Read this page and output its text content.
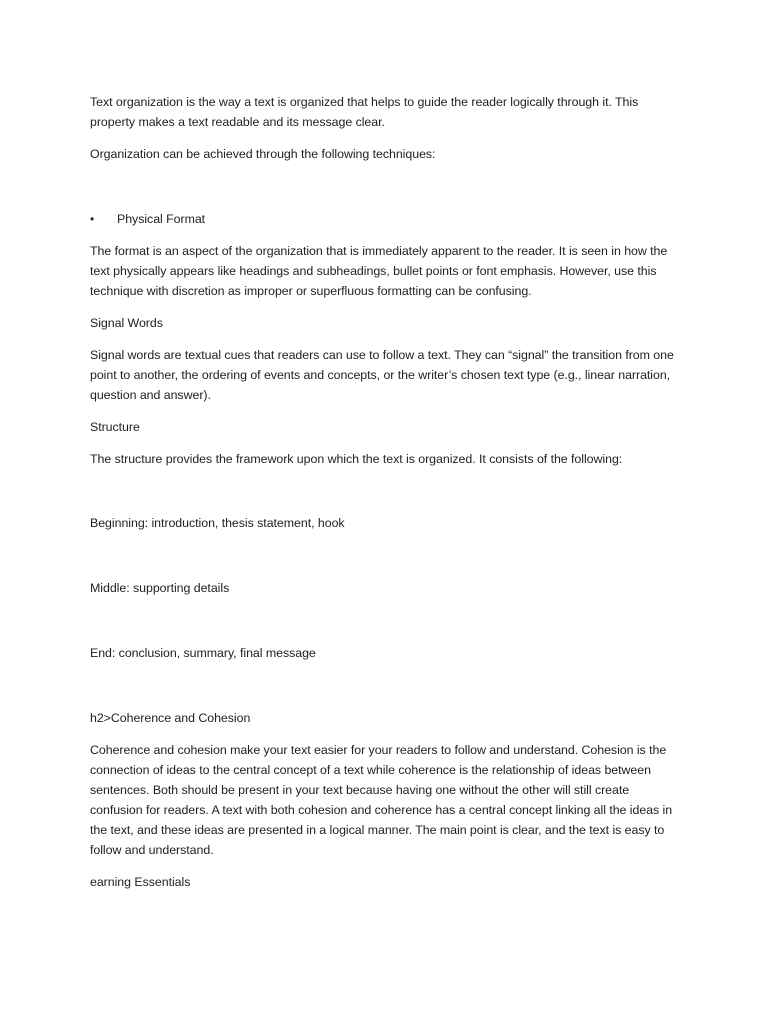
Text organization is the way a text is organized that helps to guide the reader logically through it. This property makes a text readable and its message clear.

Organization can be achieved through the following techniques:

•	Physical Format

The format is an aspect of the organization that is immediately apparent to the reader. It is seen in how the text physically appears like headings and subheadings, bullet points or font emphasis. However, use this technique with discretion as improper or superfluous formatting can be confusing.

Signal Words

Signal words are textual cues that readers can use to follow a text. They can “signal” the transition from one point to another, the ordering of events and concepts, or the writer’s chosen text type (e.g., linear narration, question and answer).

Structure

The structure provides the framework upon which the text is organized. It consists of the following:

Beginning: introduction, thesis statement, hook

Middle: supporting details

End: conclusion, summary, final message

h2>Coherence and Cohesion

Coherence and cohesion make your text easier for your readers to follow and understand. Cohesion is the connection of ideas to the central concept of a text while coherence is the relationship of ideas between sentences. Both should be present in your text because having one without the other will still create confusion for readers. A text with both cohesion and coherence has a central concept linking all the ideas in the text, and these ideas are presented in a logical manner. The main point is clear, and the text is easy to follow and understand.

earning Essentials
